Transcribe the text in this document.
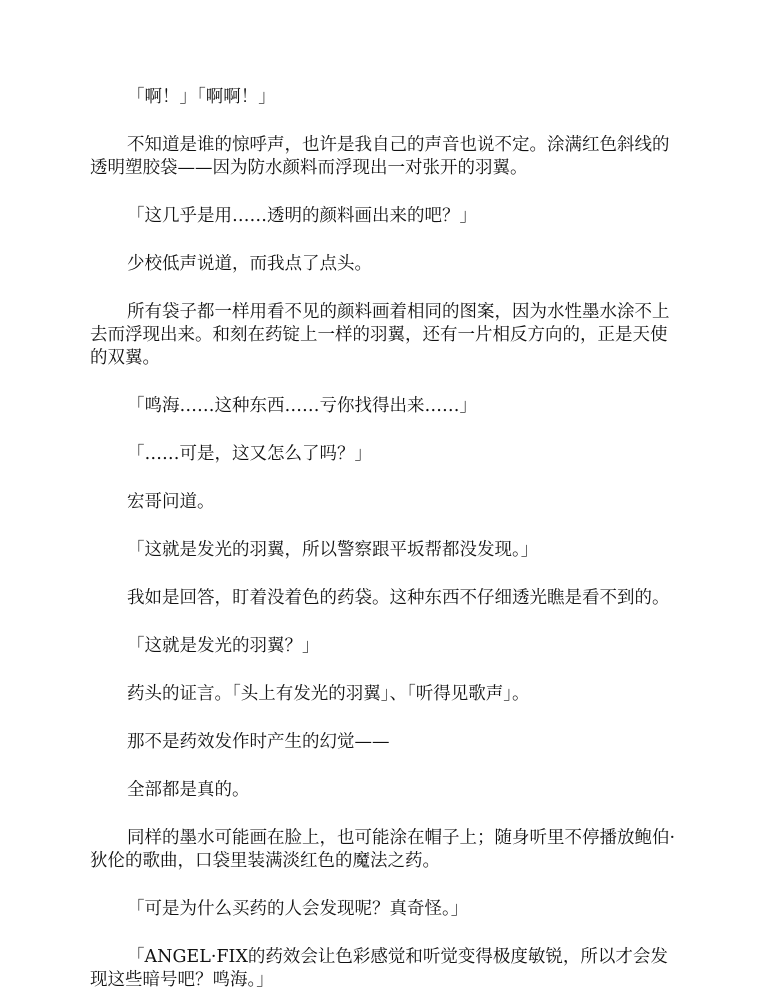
「啊！」「啊啊！」

不知道是谁的惊呼声，也许是我自己的声音也说不定。涂满红色斜线的透明塑胶袋——因为防水颜料而浮现出一对张开的羽翼。

「这几乎是用……透明的颜料画出来的吧？」

少校低声说道，而我点了点头。

所有袋子都一样用看不见的颜料画着相同的图案，因为水性墨水涂不上去而浮现出来。和刻在药锭上一样的羽翼，还有一片相反方向的，正是天使的双翼。

「鸣海……这种东西……亏你找得出来……」

「……可是，这又怎么了吗？」

宏哥问道。

「这就是发光的羽翼，所以警察跟平坂帮都没发现。」

我如是回答，盯着没着色的药袋。这种东西不仔细透光瞧是看不到的。

「这就是发光的羽翼？」

药头的证言。「头上有发光的羽翼」、「听得见歌声」。

那不是药效发作时产生的幻觉——

全部都是真的。

同样的墨水可能画在脸上，也可能涂在帽子上；随身听里不停播放鲍伯·狄伦的歌曲，口袋里装满淡红色的魔法之药。

「可是为什么买药的人会发现呢？真奇怪。」

「ANGEL·FIX的药效会让色彩感觉和听觉变得极度敏锐，所以才会发现这些暗号吧？鸣海。」
